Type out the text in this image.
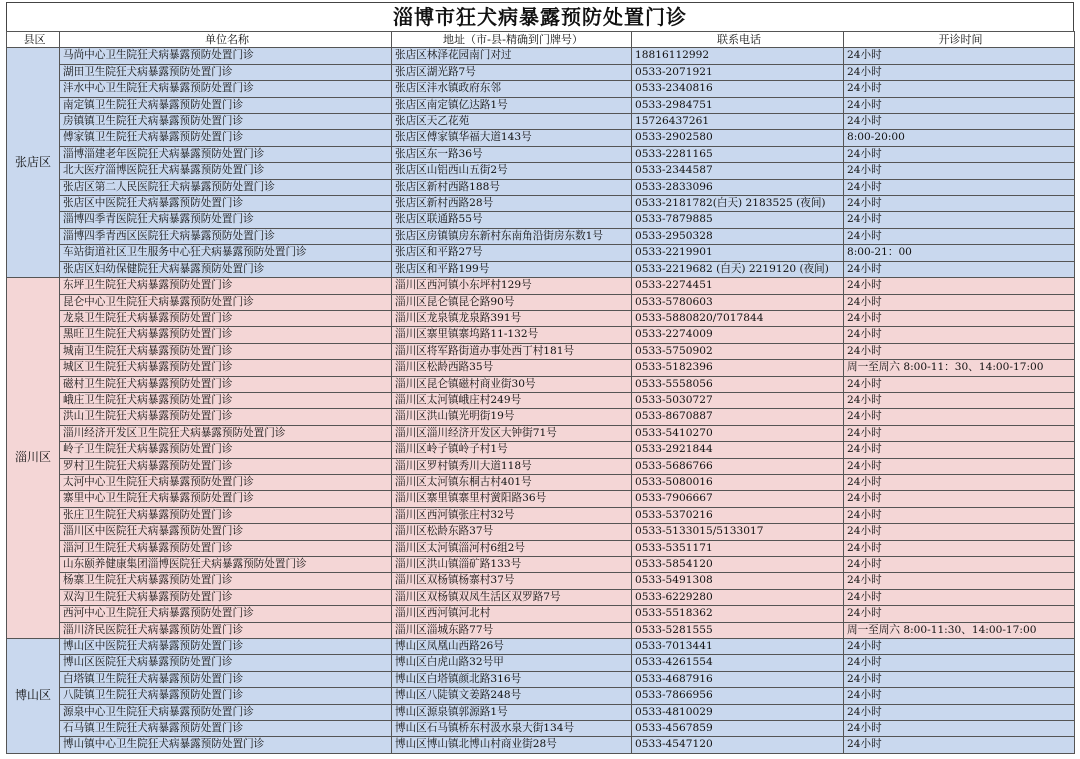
淄博市狂犬病暴露预防处置门诊
县区	单位名称	地址（市-县-精确到门牌号）	联系电话	开诊时间
张店区	马尚中心卫生院狂犬病暴露预防处置门诊	张店区林泽花园南门对过	18816112992	24小时
	湖田卫生院狂犬病暴露预防处置门诊	张店区湖光路7号	0533-2071921	24小时
	沣水中心卫生院狂犬病暴露预防处置门诊	张店区沣水镇政府东邻	0533-2340816	24小时
	南定镇卫生院狂犬病暴露预防处置门诊	张店区南定镇亿达路1号	0533-2984751	24小时
	房镇镇卫生院狂犬病暴露预防处置门诊	张店区天乙花苑	15726437261	24小时
	傅家镇卫生院狂犬病暴露预防处置门诊	张店区傅家镇华福大道143号	0533-2902580	8:00-20:00
	淄博淄建老年医院狂犬病暴露预防处置门诊	张店区东一路36号	0533-2281165	24小时
	北大医疗淄博医院狂犬病暴露预防处置门诊	张店区山铝西山五街2号	0533-2344587	24小时
	张店区第二人民医院狂犬病暴露预防处置门诊	张店区新村西路188号	0533-2833096	24小时
	张店区中医院狂犬病暴露预防处置门诊	张店区新村西路28号	0533-2181782(白天) 2183525 (夜间)	24小时
	淄博四季青医院狂犬病暴露预防处置门诊	张店区联通路55号	0533-7879885	24小时
	淄博四季青西区医院狂犬病暴露预防处置门诊	张店区房镇镇房东新村东南角沿街房东数1号	0533-2950328	24小时
	车站街道社区卫生服务中心狂犬病暴露预防处置门诊	张店区和平路27号	0533-2219901	8:00-21：00
	张店区妇幼保健院狂犬病暴露预防处置门诊	张店区和平路199号	0533-2219682 (白天) 2219120 (夜间)	24小时
淄川区	东坪卫生院狂犬病暴露预防处置门诊	淄川区西河镇小东坪村129号	0533-2274451	24小时
	昆仑中心卫生院狂犬病暴露预防处置门诊	淄川区昆仑镇昆仑路90号	0533-5780603	24小时
	龙泉卫生院狂犬病暴露预防处置门诊	淄川区龙泉镇龙泉路391号	0533-5880820/7017844	24小时
	黑旺卫生院狂犬病暴露预防处置门诊	淄川区寨里镇寨坞路11-132号	0533-2274009	24小时
	城南卫生院狂犬病暴露预防处置门诊	淄川区将军路街道办事处西丁村181号	0533-5750902	24小时
	城区卫生院狂犬病暴露预防处置门诊	淄川区松龄西路35号	0533-5182396	周一至周六 8:00-11：30、14:00-17:00
	磁村卫生院狂犬病暴露预防处置门诊	淄川区昆仑镇磁村商业街30号	0533-5558056	24小时
	峨庄卫生院狂犬病暴露预防处置门诊	淄川区太河镇峨庄村249号	0533-5030727	24小时
	洪山卫生院狂犬病暴露预防处置门诊	淄川区洪山镇光明街19号	0533-8670887	24小时
	淄川经济开发区卫生院狂犬病暴露预防处置门诊	淄川区淄川经济开发区大钟街71号	0533-5410270	24小时
	岭子卫生院狂犬病暴露预防处置门诊	淄川区岭子镇岭子村1号	0533-2921844	24小时
	罗村卫生院狂犬病暴露预防处置门诊	淄川区罗村镇秀川大道118号	0533-5686766	24小时
	太河中心卫生院狂犬病暴露预防处置门诊	淄川区太河镇东桐古村401号	0533-5080016	24小时
	寨里中心卫生院狂犬病暴露预防处置门诊	淄川区寨里镇寨里村黉阳路36号	0533-7906667	24小时
	张庄卫生院狂犬病暴露预防处置门诊	淄川区西河镇张庄村32号	0533-5370216	24小时
	淄川区中医院狂犬病暴露预防处置门诊	淄川区松龄东路37号	0533-5133015/5133017	24小时
	淄河卫生院狂犬病暴露预防处置门诊	淄川区太河镇淄河村6组2号	0533-5351171	24小时
	山东颐养健康集团淄博医院狂犬病暴露预防处置门诊	淄川区洪山镇淄矿路133号	0533-5854120	24小时
	杨寨卫生院狂犬病暴露预防处置门诊	淄川区双杨镇杨寨村37号	0533-5491308	24小时
	双沟卫生院狂犬病暴露预防处置门诊	淄川区双杨镇双凤生活区双罗路7号	0533-6229280	24小时
	西河中心卫生院狂犬病暴露预防处置门诊	淄川区西河镇河北村	0533-5518362	24小时
	淄川济民医院狂犬病暴露预防处置门诊	淄川区淄城东路77号	0533-5281555	周一至周六 8:00-11:30、14:00-17:00
博山区	博山区中医院狂犬病暴露预防处置门诊	博山区凤凰山西路26号	0533-7013441	24小时
	博山区医院狂犬病暴露预防处置门诊	博山区白虎山路32号甲	0533-4261554	24小时
	白塔镇卫生院狂犬病暴露预防处置门诊	博山区白塔镇颜北路316号	0533-4687916	24小时
	八陡镇卫生院狂犬病暴露预防处置门诊	博山区八陡镇文姜路248号	0533-7866956	24小时
	源泉中心卫生院狂犬病暴露预防处置门诊	博山区源泉镇郭源路1号	0533-4810029	24小时
	石马镇卫生院狂犬病暴露预防处置门诊	博山区石马镇桥东村汲水泉大街134号	0533-4567859	24小时
	博山镇中心卫生院狂犬病暴露预防处置门诊	博山区博山镇北博山村商业街28号	0533-4547120	24小时
